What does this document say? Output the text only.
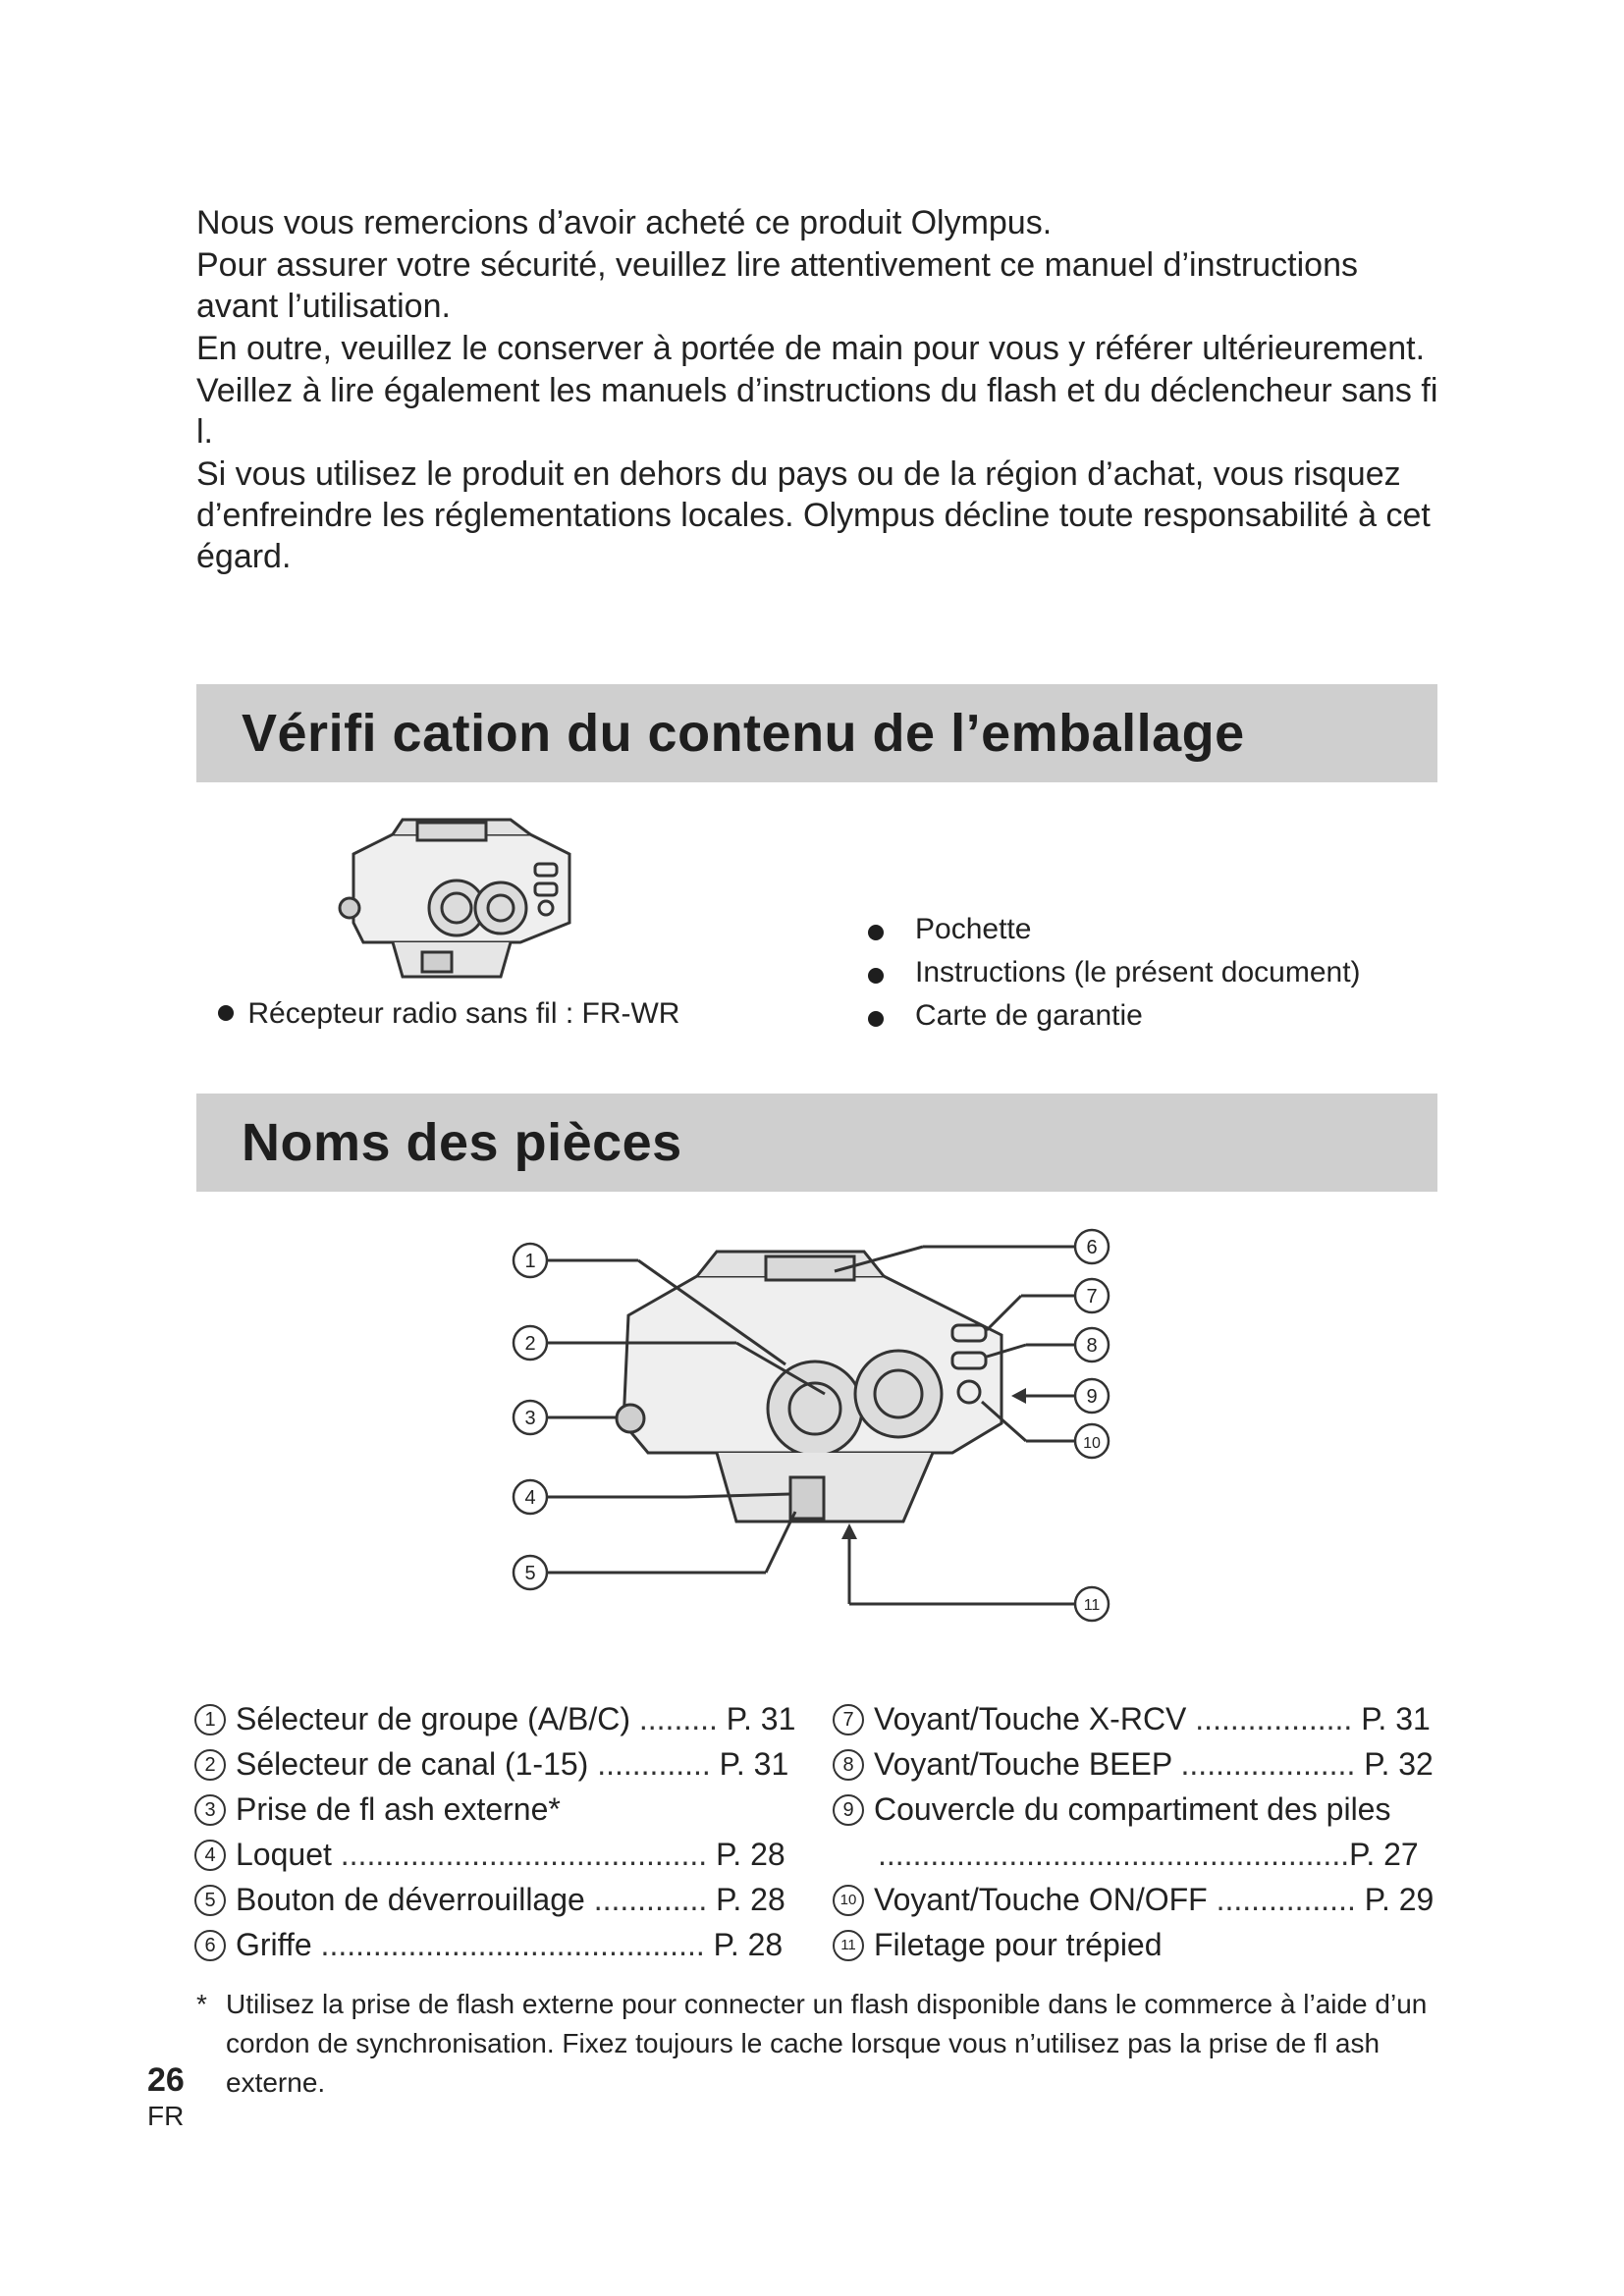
Nous vous remercions d’avoir acheté ce produit Olympus.

Pour assurer votre sécurité, veuillez lire attentivement ce manuel d’instructions avant l’utilisation.

En outre, veuillez le conserver à portée de main pour vous y référer ultérieurement.

Veillez à lire également les manuels d’instructions du flash et du déclencheur sans fi l.

Si vous utilisez le produit en dehors du pays ou de la région d’achat, vous risquez d’enfreindre les réglementations locales. Olympus décline toute responsabilité à cet égard.

Vérifi cation du contenu de l’emballage
Récepteur radio sans fil : FR-WR
Pochette
Instructions (le présent document)
Carte de garantie
Noms des pièces
1
2
3
4
5
6
7
8
9
10
11
1 Sélecteur de groupe (A/B/C) ......... P. 31
2 Sélecteur de canal (1-15) ............. P. 31
3 Prise de fl ash externe*
4 Loquet .......................................... P. 28
5 Bouton de déverrouillage ............. P. 28
6 Griffe ............................................ P. 28
7 Voyant/Touche X-RCV .................. P. 31
8 Voyant/Touche BEEP .................... P. 32
9 Couvercle du compartiment des piles
......................................................P. 27
10 Voyant/Touche ON/OFF ................ P. 29
11 Filetage pour trépied
* Utilisez la prise de flash externe pour connecter un flash disponible dans le commerce à l’aide d’un cordon de synchronisation. Fixez toujours le cache lorsque vous n’utilisez pas la prise de fl ash externe.
26
FR
